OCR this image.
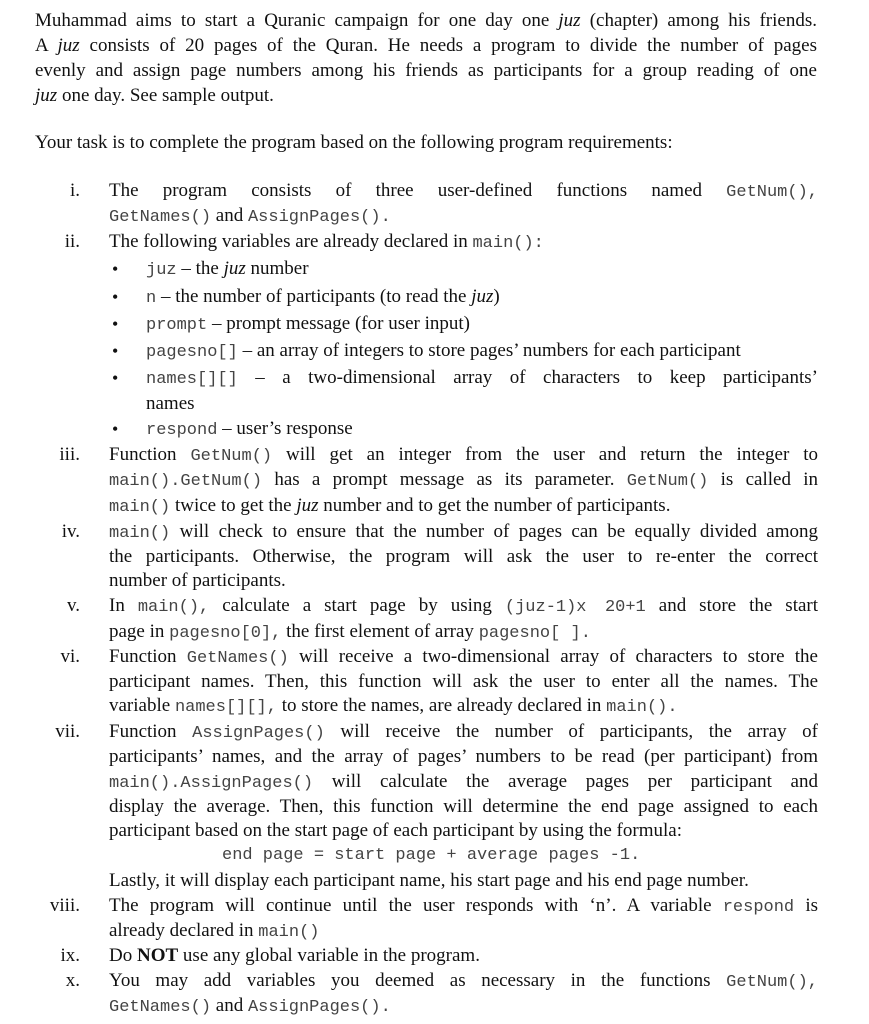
Muhammad aims to start a Quranic campaign for one day one juz (chapter) among his friends.
A juz consists of 20 pages of the Quran. He needs a program to divide the number of pages
evenly and assign page numbers among his friends as participants for a group reading of one
juz one day. See sample output.
Your task is to complete the program based on the following program requirements:
i. The program consists of three user-defined functions named GetNum(),
GetNames() and AssignPages().
ii. The following variables are already declared in main():
• juz – the juz number
• n – the number of participants (to read the juz)
• prompt – prompt message (for user input)
• pagesno[] – an array of integers to store pages’ numbers for each participant
• names[][] – a two-dimensional array of characters to keep participants’
names
• respond – user’s response
iii. Function GetNum() will get an integer from the user and return the integer to
main().GetNum() has a prompt message as its parameter. GetNum() is called in
main() twice to get the juz number and to get the number of participants.
iv. main() will check to ensure that the number of pages can be equally divided among
the participants. Otherwise, the program will ask the user to re-enter the correct
number of participants.
v. In main(), calculate a start page by using (juz-1)x 20+1 and store the start
page in pagesno[0], the first element of array pagesno[ ].
vi. Function GetNames() will receive a two-dimensional array of characters to store the
participant names. Then, this function will ask the user to enter all the names. The
variable names[][], to store the names, are already declared in main().
vii. Function AssignPages() will receive the number of participants, the array of
participants’ names, and the array of pages’ numbers to be read (per participant) from
main().AssignPages() will calculate the average pages per participant and
display the average. Then, this function will determine the end page assigned to each
participant based on the start page of each participant by using the formula:
end page = start page + average pages -1.
Lastly, it will display each participant name, his start page and his end page number.
viii. The program will continue until the user responds with ‘n’. A variable respond is
already declared in main()
ix. Do NOT use any global variable in the program.
x. You may add variables you deemed as necessary in the functions GetNum(),
GetNames() and AssignPages().
